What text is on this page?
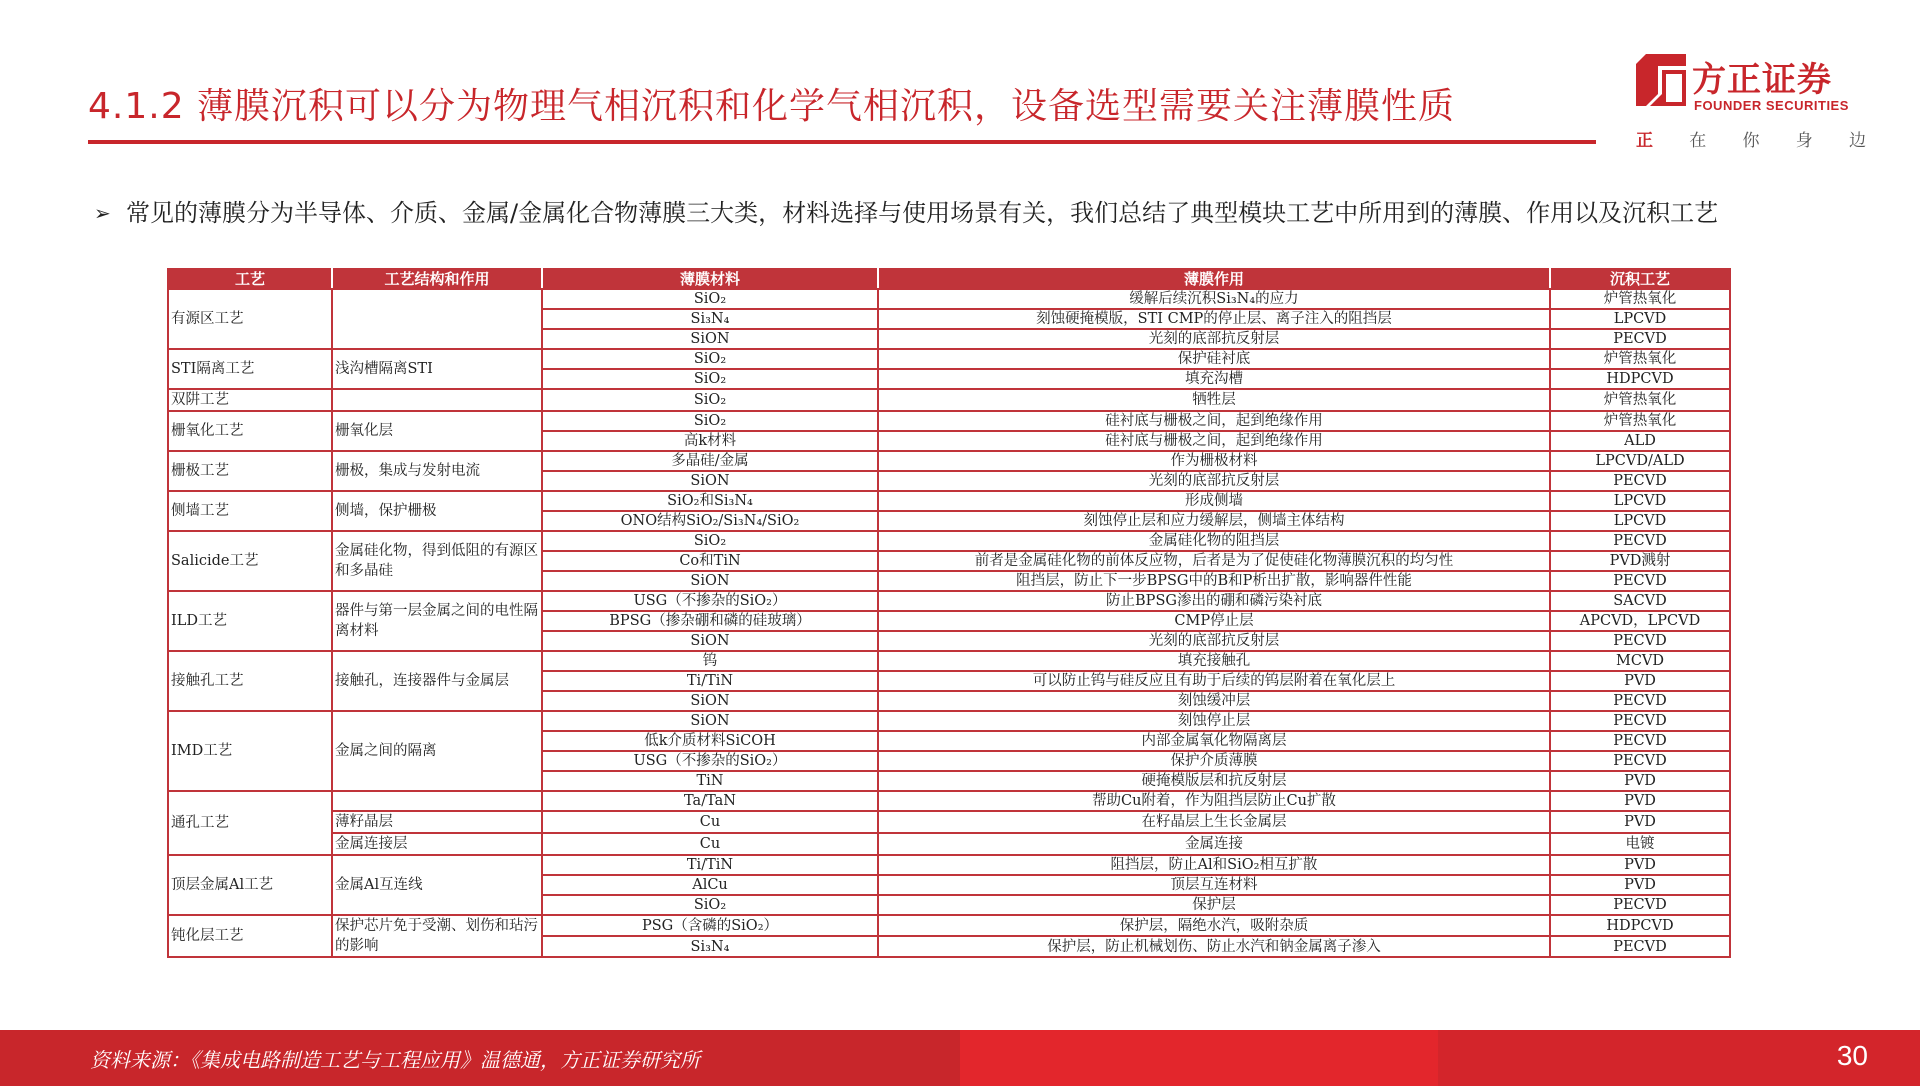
4.1.2 薄膜沉积可以分为物理气相沉积和化学气相沉积，设备选型需要关注薄膜性质
方正证券
FOUNDER SECURITIES
正 在 你 身 边
➢ 常见的薄膜分为半导体、介质、金属/金属化合物薄膜三大类，材料选择与使用场景有关，我们总结了典型模块工艺中所用到的薄膜、作用以及沉积工艺
工艺	工艺结构和作用	薄膜材料	薄膜作用	沉积工艺
有源区工艺		SiO₂	缓解后续沉积Si₃N₄的应力	炉管热氧化
		Si₃N₄	刻蚀硬掩模版，STI CMP的停止层、离子注入的阻挡层	LPCVD
		SiON	光刻的底部抗反射层	PECVD
STI隔离工艺	浅沟槽隔离STI	SiO₂	保护硅衬底	炉管热氧化
		SiO₂	填充沟槽	HDPCVD
双阱工艺		SiO₂	牺牲层	炉管热氧化
栅氧化工艺	栅氧化层	SiO₂	硅衬底与栅极之间，起到绝缘作用	炉管热氧化
		高k材料	硅衬底与栅极之间，起到绝缘作用	ALD
栅极工艺	栅极，集成与发射电流	多晶硅/金属	作为栅极材料	LPCVD/ALD
		SiON	光刻的底部抗反射层	PECVD
侧墙工艺	侧墙，保护栅极	SiO₂和Si₃N₄	形成侧墙	LPCVD
		ONO结构SiO₂/Si₃N₄/SiO₂	刻蚀停止层和应力缓解层，侧墙主体结构	LPCVD
Salicide工艺	金属硅化物，得到低阻的有源区和多晶硅	SiO₂	金属硅化物的阻挡层	PECVD
		Co和TiN	前者是金属硅化物的前体反应物，后者是为了促使硅化物薄膜沉积的均匀性	PVD溅射
		SiON	阻挡层，防止下一步BPSG中的B和P析出扩散，影响器件性能	PECVD
ILD工艺	器件与第一层金属之间的电性隔离材料	USG（不掺杂的SiO₂）	防止BPSG渗出的硼和磷污染衬底	SACVD
		BPSG（掺杂硼和磷的硅玻璃）	CMP停止层	APCVD，LPCVD
		SiON	光刻的底部抗反射层	PECVD
接触孔工艺	接触孔，连接器件与金属层	钨	填充接触孔	MCVD
		Ti/TiN	可以防止钨与硅反应且有助于后续的钨层附着在氧化层上	PVD
		SiON	刻蚀缓冲层	PECVD
IMD工艺	金属之间的隔离	SiON	刻蚀停止层	PECVD
		低k介质材料SiCOH	内部金属氧化物隔离层	PECVD
		USG（不掺杂的SiO₂）	保护介质薄膜	PECVD
		TiN	硬掩模版层和抗反射层	PVD
通孔工艺		Ta/TaN	帮助Cu附着，作为阻挡层防止Cu扩散	PVD
	薄籽晶层	Cu	在籽晶层上生长金属层	PVD
	金属连接层	Cu	金属连接	电镀
顶层金属Al工艺	金属Al互连线	Ti/TiN	阻挡层，防止Al和SiO₂相互扩散	PVD
		AlCu	顶层互连材料	PVD
		SiO₂	保护层	PECVD
钝化层工艺	保护芯片免于受潮、划伤和玷污的影响	PSG（含磷的SiO₂）	保护层，隔绝水汽，吸附杂质	HDPCVD
		Si₃N₄	保护层，防止机械划伤、防止水汽和钠金属离子渗入	PECVD
资料来源：《集成电路制造工艺与工程应用》温德通，方正证券研究所	30
